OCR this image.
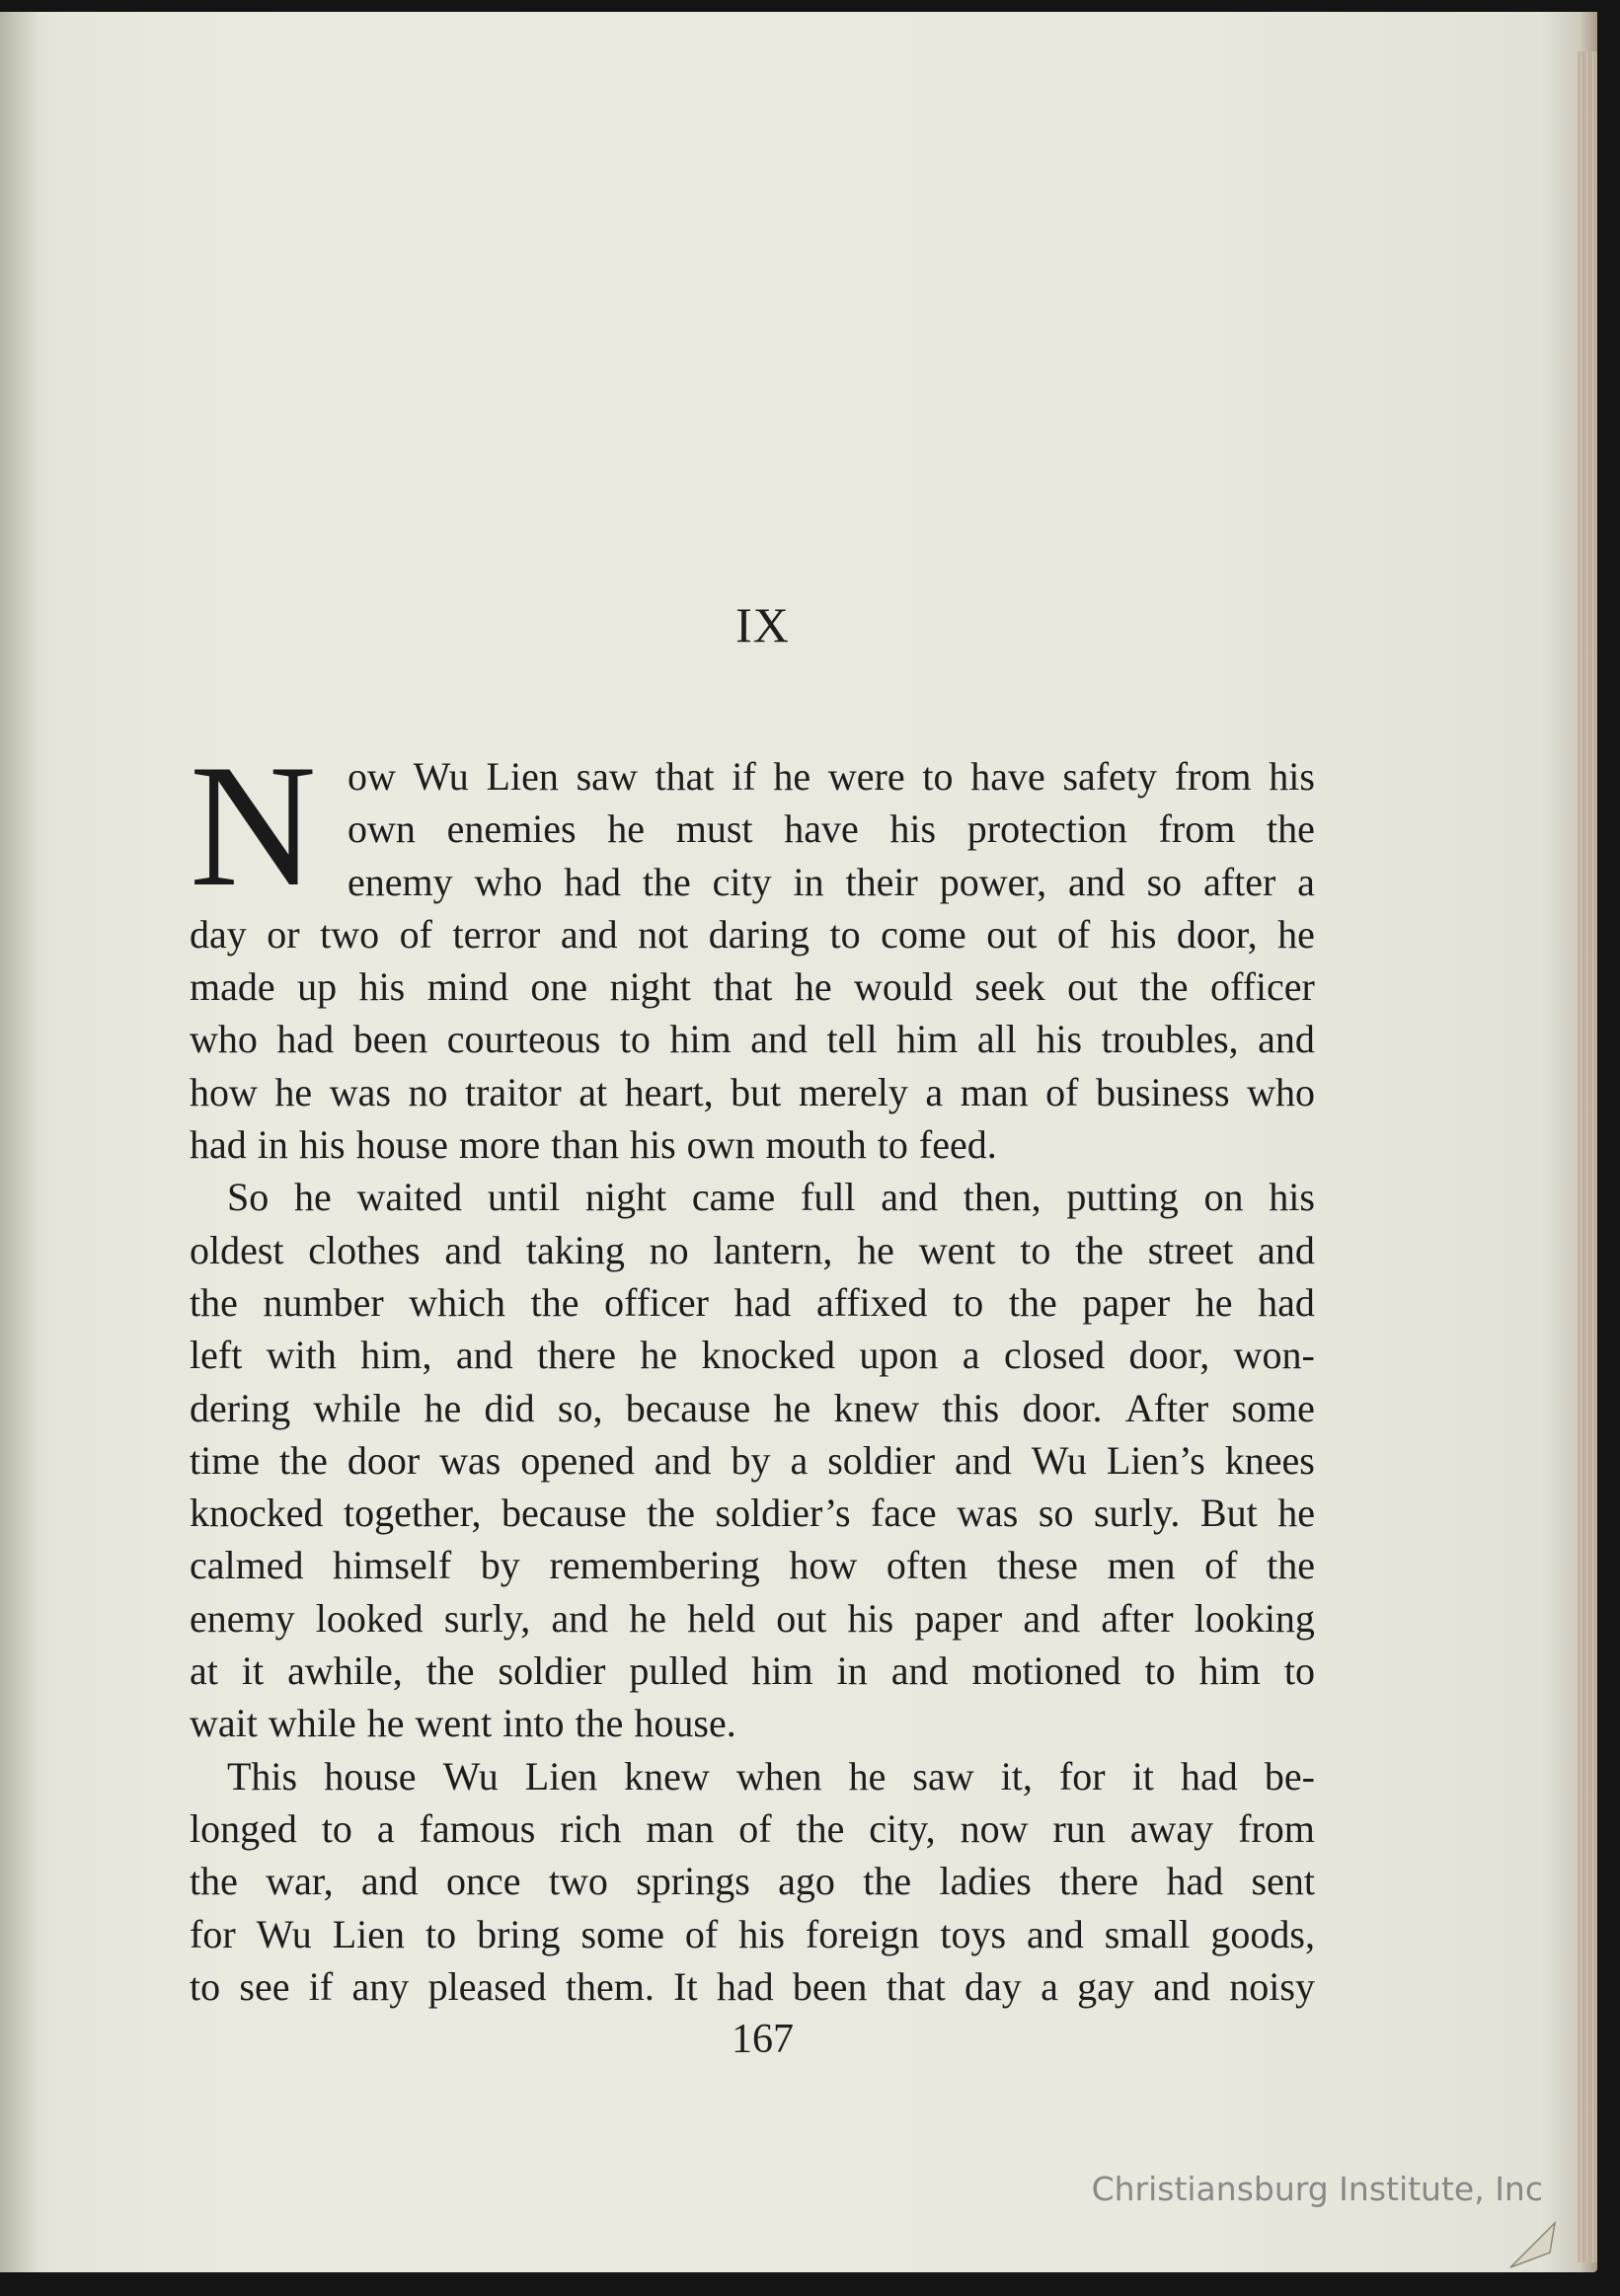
IX
N ow Wu Lien saw that if he were to have safety from his
own enemies he must have his protection from the
enemy who had the city in their power, and so after a
day or two of terror and not daring to come out of his door, he
made up his mind one night that he would seek out the officer
who had been courteous to him and tell him all his troubles, and
how he was no traitor at heart, but merely a man of business who
had in his house more than his own mouth to feed.
So he waited until night came full and then, putting on his
oldest clothes and taking no lantern, he went to the street and
the number which the officer had affixed to the paper he had
left with him, and there he knocked upon a closed door, won-
dering while he did so, because he knew this door. After some
time the door was opened and by a soldier and Wu Lien’s knees
knocked together, because the soldier’s face was so surly. But he
calmed himself by remembering how often these men of the
enemy looked surly, and he held out his paper and after looking
at it awhile, the soldier pulled him in and motioned to him to
wait while he went into the house.
This house Wu Lien knew when he saw it, for it had be-
longed to a famous rich man of the city, now run away from
the war, and once two springs ago the ladies there had sent
for Wu Lien to bring some of his foreign toys and small goods,
to see if any pleased them. It had been that day a gay and noisy
167
Christiansburg Institute, Inc
